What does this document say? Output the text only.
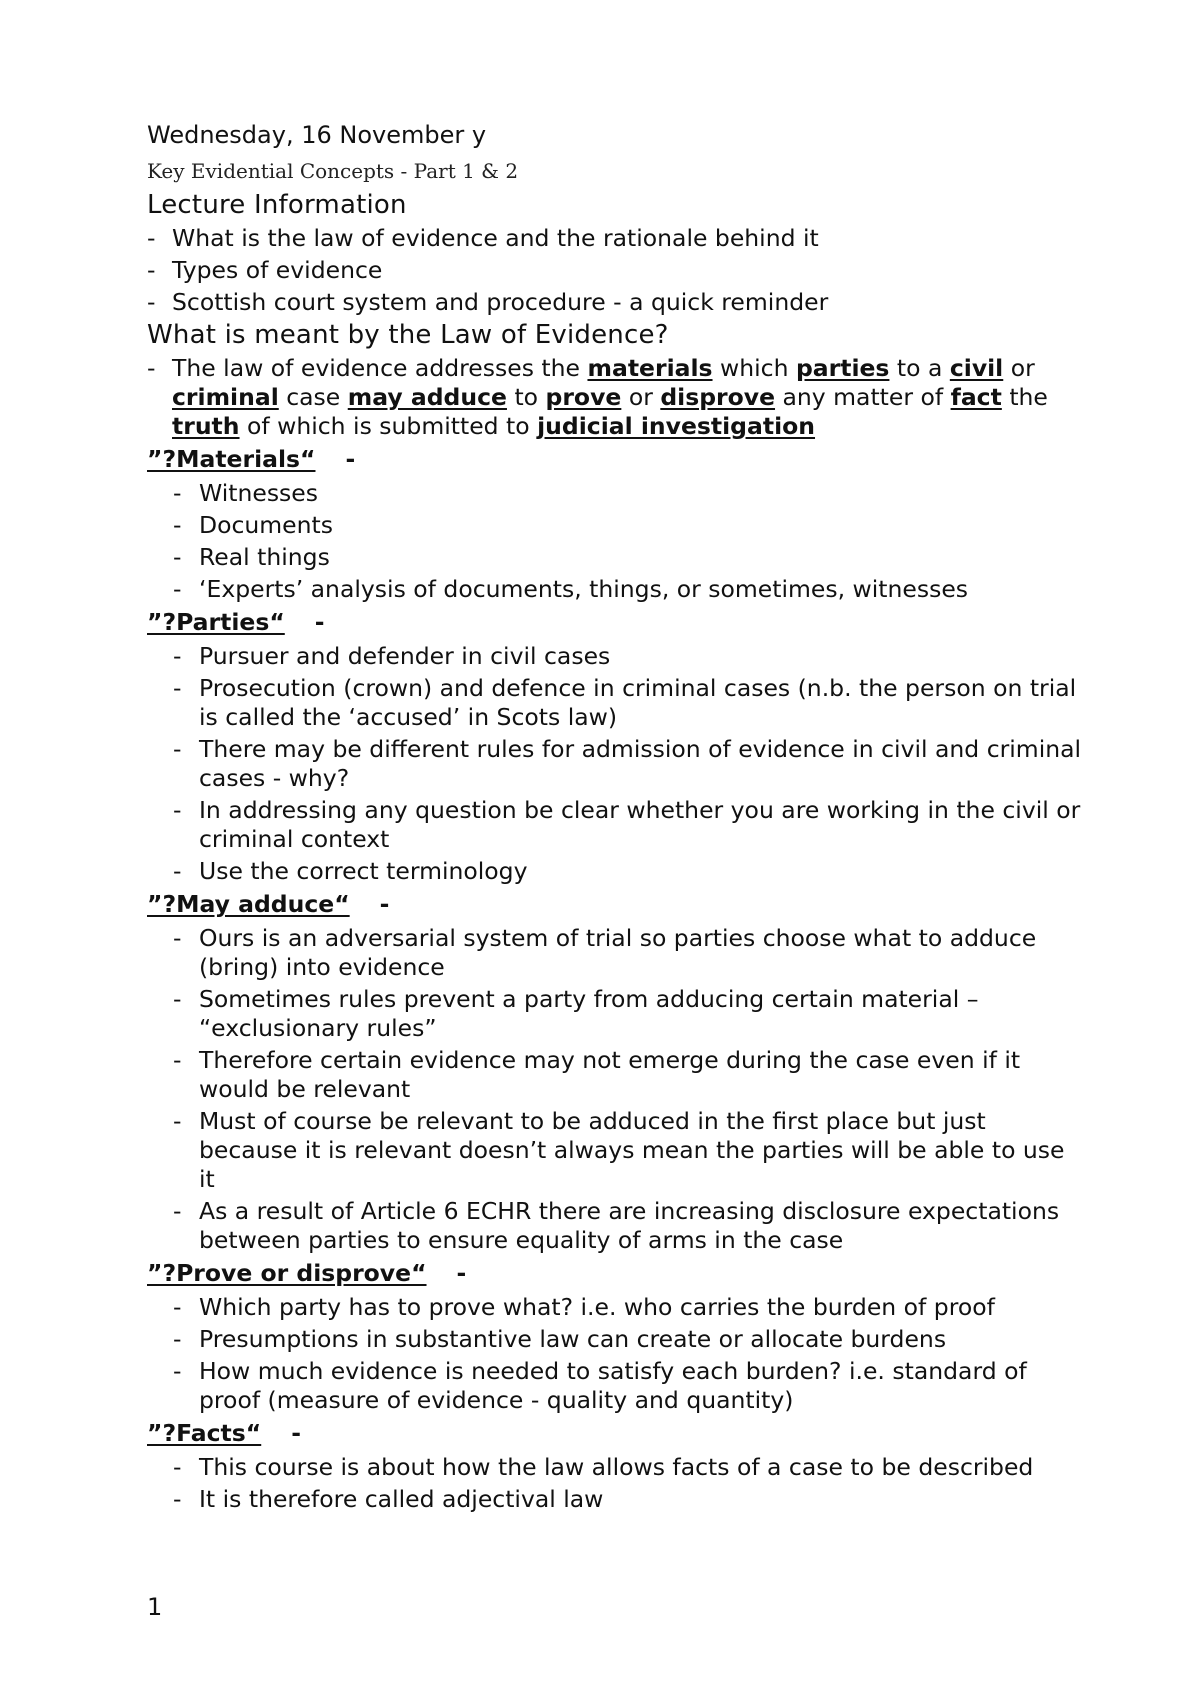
Wednesday, 16 November y
Key Evidential Concepts - Part 1 & 2
Lecture Information
- What is the law of evidence and the rationale behind it
- Types of evidence
- Scottish court system and procedure - a quick reminder
What is meant by the Law of Evidence?
- The law of evidence addresses the materials which parties to a civil or criminal case may adduce to prove or disprove any matter of fact the truth of which is submitted to judicial investigation
”?Materials“ -
- Witnesses
- Documents
- Real things
- ‘Experts’ analysis of documents, things, or sometimes, witnesses
”?Parties“ -
- Pursuer and defender in civil cases
- Prosecution (crown) and defence in criminal cases (n.b. the person on trial is called the ‘accused’ in Scots law)
- There may be different rules for admission of evidence in civil and criminal cases - why?
- In addressing any question be clear whether you are working in the civil or criminal context
- Use the correct terminology
”?May adduce“ -
- Ours is an adversarial system of trial so parties choose what to adduce (bring) into evidence
- Sometimes rules prevent a party from adducing certain material – “exclusionary rules”
- Therefore certain evidence may not emerge during the case even if it would be relevant
- Must of course be relevant to be adduced in the first place but just because it is relevant doesn’t always mean the parties will be able to use it
- As a result of Article 6 ECHR there are increasing disclosure expectations between parties to ensure equality of arms in the case
”?Prove or disprove“ -
- Which party has to prove what? i.e. who carries the burden of proof
- Presumptions in substantive law can create or allocate burdens
- How much evidence is needed to satisfy each burden? i.e. standard of proof (measure of evidence - quality and quantity)
”?Facts“ -
- This course is about how the law allows facts of a case to be described
- It is therefore called adjectival law
1
